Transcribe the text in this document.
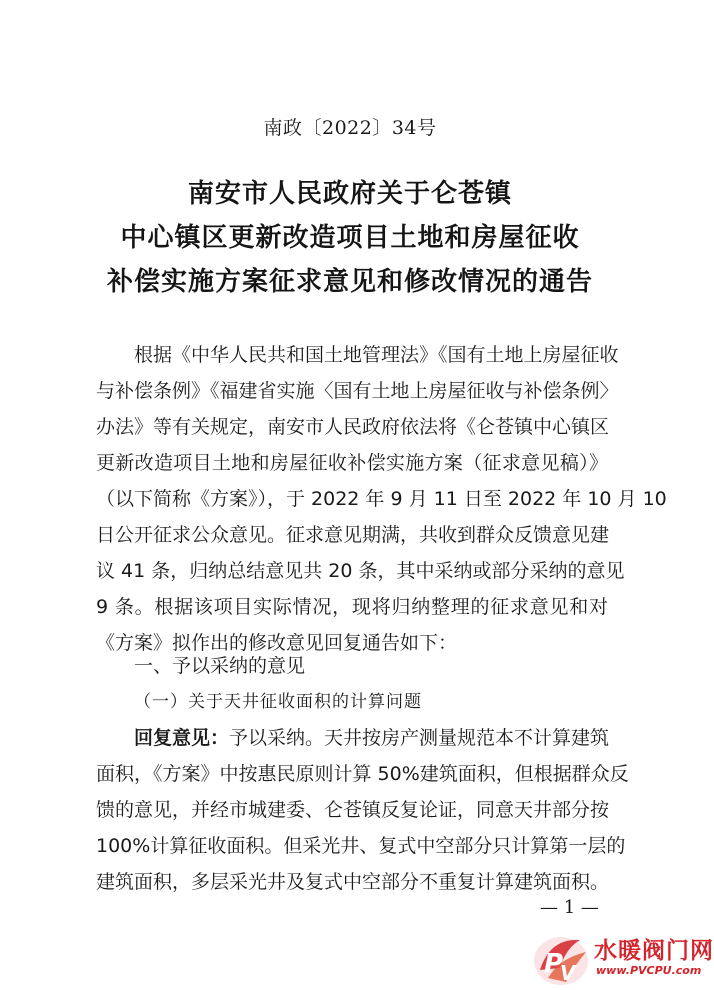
南政〔2022〕34号
南安市人民政府关于仑苍镇
中心镇区更新改造项目土地和房屋征收
补偿实施方案征求意见和修改情况的通告
根据《中华人民共和国土地管理法》《国有土地上房屋征收
与补偿条例》《福建省实施〈国有土地上房屋征收与补偿条例〉
办法》等有关规定，南安市人民政府依法将《仑苍镇中心镇区
更新改造项目土地和房屋征收补偿实施方案（征求意见稿）》
（以下简称《方案》），于 2022 年 9 月 11 日至 2022 年 10 月 10
日公开征求公众意见。征求意见期满，共收到群众反馈意见建
议 41 条，归纳总结意见共 20 条，其中采纳或部分采纳的意见
9 条。根据该项目实际情况，现将归纳整理的征求意见和对
《方案》拟作出的修改意见回复通告如下：
一、予以采纳的意见
（一）关于天井征收面积的计算问题
回复意见：予以采纳。天井按房产测量规范本不计算建筑
面积，《方案》中按惠民原则计算 50%建筑面积，但根据群众反
馈的意见，并经市城建委、仑苍镇反复论证，同意天井部分按
100%计算征收面积。但采光井、复式中空部分只计算第一层的
建筑面积，多层采光井及复式中空部分不重复计算建筑面积。
— 1 —
P
V
水暖阀门网
www.PVCPU.com
